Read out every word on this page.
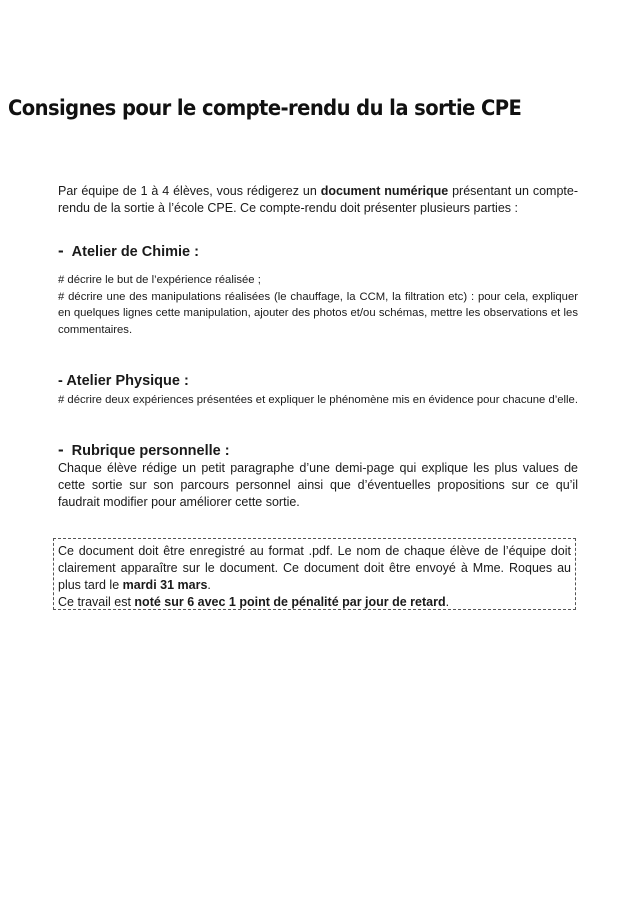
Consignes pour le compte-rendu du la sortie CPE

Par équipe de 1 à 4 élèves, vous rédigerez un document numérique présentant un compte-rendu de la sortie à l’école CPE. Ce compte-rendu doit présenter plusieurs parties :

- Atelier de Chimie :

# décrire le but de l’expérience réalisée ;

# décrire une des manipulations réalisées (le chauffage, la CCM, la filtration etc) : pour cela, expliquer en quelques lignes cette manipulation, ajouter des photos et/ou schémas, mettre les observations et les commentaires.

- Atelier Physique :

# décrire deux expériences présentées et expliquer le phénomène mis en évidence pour chacune d’elle.

- Rubrique personnelle :

Chaque élève rédige un petit paragraphe d’une demi-page qui explique les plus values de cette sortie sur son parcours personnel ainsi que d’éventuelles propositions sur ce qu’il faudrait modifier pour améliorer cette sortie.

Ce document doit être enregistré au format .pdf. Le nom de chaque élève de l’équipe doit clairement apparaître sur le document. Ce document doit être envoyé à Mme. Roques au plus tard le mardi 31 mars.

Ce travail est noté sur 6 avec 1 point de pénalité par jour de retard.
